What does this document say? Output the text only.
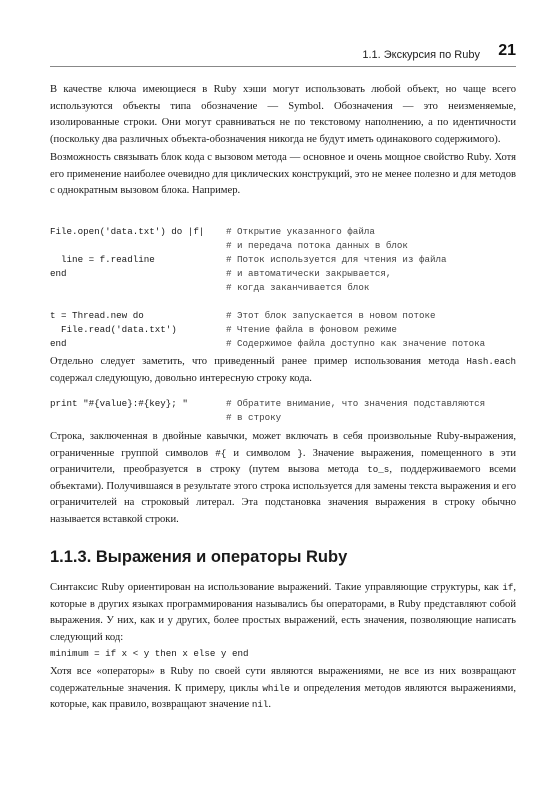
1.1. Экскурсия по Ruby 21

В качестве ключа имеющиеся в Ruby хэши могут использовать любой объект, но чаще всего используются объекты типа обозначение — Symbol. Обозначения — это неизменяемые, изолированные строки. Они могут сравниваться не по текстовому наполнению, а по идентичности (поскольку два различных объекта-обозначения никогда не будут иметь одинакового содержимого).

Возможность связывать блок кода с вызовом метода — основное и очень мощное свойство Ruby. Хотя его применение наиболее очевидно для циклических конструкций, это не менее полезно и для методов с однократным вызовом блока. Например.

File.open('data.txt') do |f| # Открытие указанного файла
# и передача потока данных в блок
line = f.readline	# Поток используется для чтения из файла
end	# и автоматически закрывается,
# когда заканчивается блок
t = Thread.new do	# Этот блок запускается в новом потоке
File.read('data.txt')	# Чтение файла в фоновом режиме
end	# Содержимое файла доступно как значение потока

Отдельно следует заметить, что приведенный ранее пример использования метода Hash.each содержал следующую, довольно интересную строку кода.

print "#{value}:#{key}; "	# Обратите внимание, что значения подставляются
# в строку

Строка, заключенная в двойные кавычки, может включать в себя произвольные Ruby-выражения, ограниченные группой символов #{ и символом }. Значение выражения, помещенного в эти ограничители, преобразуется в строку (путем вызова метода to_s, поддерживаемого всеми объектами). Получившаяся в результате этого строка используется для замены текста выражения и его ограничителей на строковый литерал. Эта подстановка значения выражения в строку обычно называется вставкой строки.

1.1.3. Выражения и операторы Ruby

Синтаксис Ruby ориентирован на использование выражений. Такие управляющие структуры, как if, которые в других языках программирования назывались бы операторами, в Ruby представляют собой выражения. У них, как и у других, более простых выражений, есть значения, позволяющие написать следующий код:

minimum = if x < y then x else y end

Хотя все «операторы» в Ruby по своей сути являются выражениями, не все из них возвращают содержательные значения. К примеру, циклы while и определения методов являются выражениями, которые, как правило, возвращают значение nil.
